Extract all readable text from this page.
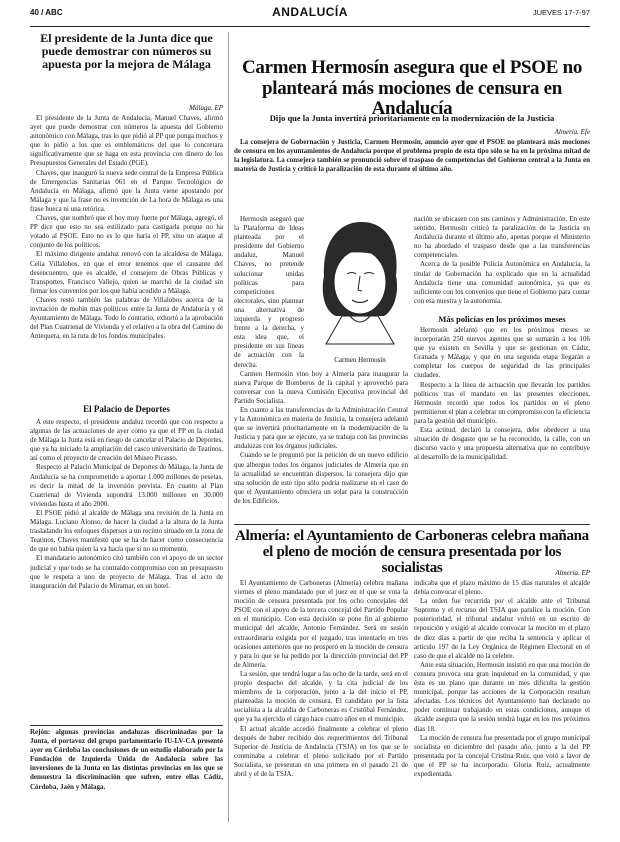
40 / ABC	ANDALUCÍA	JUEVES 17-7-97
El presidente de la Junta dice que puede demostrar con números su apuesta por la mejora de Málaga
Málaga. EP

El presidente de la Junta de Andalucía, Manuel Chaves, afirmó ayer que puede demostrar con números la apuesta del Gobierno autonómico con Málaga, tras lo que pidió al PP que ponga muchos y que lo pidió a los que es emblemáticos del que lo concretara significativamente que se haga en esta provincia con dinero de los Presupuestos Generales del Estado (PGE).

Chaves, que inauguró la nueva sede central de la Empresa Pública de Emergencias Sanitarias 061 en el Parque Tecnológico de Andalucía en Málaga, afirmó que la Junta viene apostando por Málaga y que la frase no es invención de La hora de Málaga es una frase hueca ni una retórica.

Chaves, que nombró que el hoy muy fuerte por Málaga, agregó, el PP dice que esto no sea estilizado para castigarla porque no ha votado al PSOE. Esto no es lo que haría el PP, sino un ataque al conjunto de los políticos.

El máximo dirigente andaluz renovó con la alcaldesa de Málaga, Celia Villalobos, en que el error tenemos que el causante del desencuentro, que es alcalde, el consejero de Obras Públicas y Transportes, Francisco Vallejo, quien se marchó de la ciudad sin firmar los convenios por los que había acudido a Málaga.

Chaves restó también las palabras de Villalobos acerca de la invitación de mohín mas políticos entre la Junta de Andalucía y el Ayuntamiento de Málaga. Todo lo contrario, exhortó a la aprobación del Plan Cuatrienal de Vivienda y el relativo a la obra del Camino de Antequera, en la ruta de los fondos municipales.

El Palacio de Deportes

A este respecto, el presidente andaluz recordó que con respecto a algunas de las actuaciones de ayer como ya que el PP en la ciudad de Málaga la Junta está en riesgo de cancelar el Palacio de Deportes, que ya ha iniciado la ampliación del casco universitario de Teatinos, así como el proyecto de creación del Museo Picasso.

Respecto al Palacio Municipal de Deportes de Málaga, la Junta de Andalucía se ha comprometido a aportar 1.000 millones de pesetas, es decir la mitad de la inversión prevista. En cuanto al Plan Cuatrienal de Vivienda supondrá 13.000 millones en 30.000 viviendas hasta el año 2000.

El PSOE pidió al alcalde de Málaga una revisión de la Junta en Málaga. Luciano Alonso, de hacer la ciudad a la altura de la Junta trasladando los enfoques dispersos a un recinto situado en la zona de Teatinos, Chaves manifestó que se ha de hacer como consecuencia de que no había quien la va hacía que si no su momento.

El mandatario autonómico citó también con el apoyo de un sector judicial y que todo se ha contraído compromiso con un presupuesto que le respeta a uno de proyecto de Málaga. Tras el acto de inauguración del Palacio de Miramar, en un hotel.

Rejón: algunas provincias andaluzas discriminadas por la Junta, el portavoz del grupo parlamentario IU-LV-CA presentó ayer en Córdoba las conclusiones de un estudio elaborado por la Fundación de Izquierda Unida de Andalucía sobre las inversiones de la Junta en las distintas provincias en los que se demuestra la discriminación que sufren, entre ellas Cádiz, Córdoba, Jaén y Málaga.

Carmen Hermosín asegura que el PSOE no planteará más mociones de censura en Andalucía
Dijo que la Junta invertirá prioritariamente en la modernización de la Justicia
Almería. Efe

La consejera de Gobernación y Justicia, Carmen Hermosín, anunció ayer que el PSOE no planteará más mociones de censura en los ayuntamientos de Andalucía porque el problema propio de esta tipo sólo se ha en la próxima mitad de la legislatura. La consejera también se pronunció sobre el traspaso de competencias del Gobierno central a la Junta en materia de Justicia y criticó la paralización de esta durante el último año.

Hermosín aseguró que la Plataforma de Ideas planteada por el presidente del Gobierno andaluz, Manuel Chaves, no pretende solucionar unidas políticas para competiciones electorales, sino plantear una alternativa de izquierda y progreso frente a la derecha, y esta idea que, el presidente en sus líneas de actuación con la derecha.

Carmen Hermosín vino hoy a Almería para inaugurar la nueva Parque de Bomberos de la capital y aprovechó para conversar con la nueva Comisión Ejecutiva provincial del Partido Socialista.

En cuanto a las transferencias de la Administración Central y la Autonómica en materia de Justicia, la consejera adelantó que se invertirá prioritariamente en la modernización de la Justicia y para que se ejecute, ya se trabaja con las provincias andaluzas con los órganos judiciales.

Cuando se le preguntó por la petición de un nuevo edificio que albergue todos los órganos judiciales de Almería que en la actualidad se encuentran dispersos, la consejera dijo que una solución de este tipo sólo podría realizarse en el caso de que el Ayuntamiento ofreciera un solar para la construcción de los Edificios.

Carmen Hermosín

nación se ubicasen con sus caminos y Administración. En este sentido, Hermosín criticó la paralización de la Justicia en Andalucía durante el último año, apenas porque el Ministerio no ha abordado el traspaso desde que a las transferencias competenciales.

Acerca de la posible Policía Autonómica en Andalucía, la titular de Gobernación ha explicado que en la actualidad Andalucía tiene una comunidad autonómica, ya que es suficiente con los convenios que tiene el Gobierno para contar con esa nuestra y la autonomía.

Más policías en los próximos meses

Hermosín adelantó que en los próximos meses se incorporarán 250 nuevos agentes que se sumarán a los 106 que ya existen en Sevilla y que se gestionan en Cádiz, Granada y Málaga, y que en una segunda etapa llegarán a completar los cuerpos de seguridad de las principales ciudades.

Respecto a la línea de actuación que llevarán los partidos políticos tras el mandato en las presentes elecciones, Hermosín recordó que todos los partidos en el pleno permitieron el plan a celebrar un compromiso con la eficiencia para la gestión del municipio.

Esta actitud, declaró la consejera, debe obedecer a una situación de desgaste que se ha reconocido, la calle, con un discurso vacío y una propuesta alternativa que no contribuye al desarrollo de la municipalidad.

Almería: el Ayuntamiento de Carboneras celebra mañana el pleno de moción de censura presentada por los socialistas	Almería. EP

El Ayuntamiento de Carboneras (Almería) celebra mañana viernes el pleno mandatado por el juez en el que se vota la moción de censura presentada por los ocho concejales del PSOE con el apoyo de la tercera concejal del Partido Popular en el municipio. Con esta decisión se pone fin al gobierno municipal del alcalde, Antonio Fernández. Será en sesión extraordinaria exigida por el juzgado, tras intentarlo en tres ocasiones anteriores que no prosperó en la moción de censura y para lo que se ha pedido por la dirección provincial del PP de Almería.

La sesión, que tendrá lugar a las ocho de la tarde, será en el propio despacho del alcalde, y la cita judicial de los miembros de la corporación, junto a la del inicio el PP, planteadas la moción de censura. El candidato por la lista socialista a la alcaldía de Carboneras es Cristóbal Fernández, que ya ha ejercido el cargo hace cuatro años en el municipio.

El actual alcalde accedió finalmente a celebrar el pleno después de haber recibido dos requerimientos del Tribunal Superior de Justicia de Andalucía (TSJA) en los que se le conminaba a celebrar el pleno solicitado por el Partido Socialista, se presentan en una primera en el pasado 21 de abril y el de la TSJA.

indicaba que el plazo máximo de 15 días naturales el alcalde debía convocar el pleno.

La orden fue recurrida por el alcalde ante el Tribunal Supremo y el recurso del TSJA que paralice la moción. Con posterioridad, el tribunal andaluz volvió en un escrito de reposición y exigió al alcalde convocar la moción en el plazo de diez días a partir de que reciba la sentencia y aplicar el artículo 197 de la Ley Orgánica de Régimen Electoral en el caso de que el alcalde no la celebre.

Ante esta situación, Hermosín insistió en que una moción de censura provoca una gran inquietud en la comunidad, y que ésta es un plano que durante un mes dificulta la gestión municipal, porque las acciones de la Corporación resultan afectadas. Los técnicos del Ayuntamiento han declarado no poder continuar trabajando en estas condiciones, aunque el alcalde asegura que la sesión tendrá lugar en los tres próximos días 18.

La moción de censura fue presentada por el grupo municipal socialista en diciembre del pasado año, junto a la del PP presentada por la concejal Cristina Ruiz, que votó a favor de que el PP se ha incorporado. Gloria Ruiz, actualmente expedientada.
